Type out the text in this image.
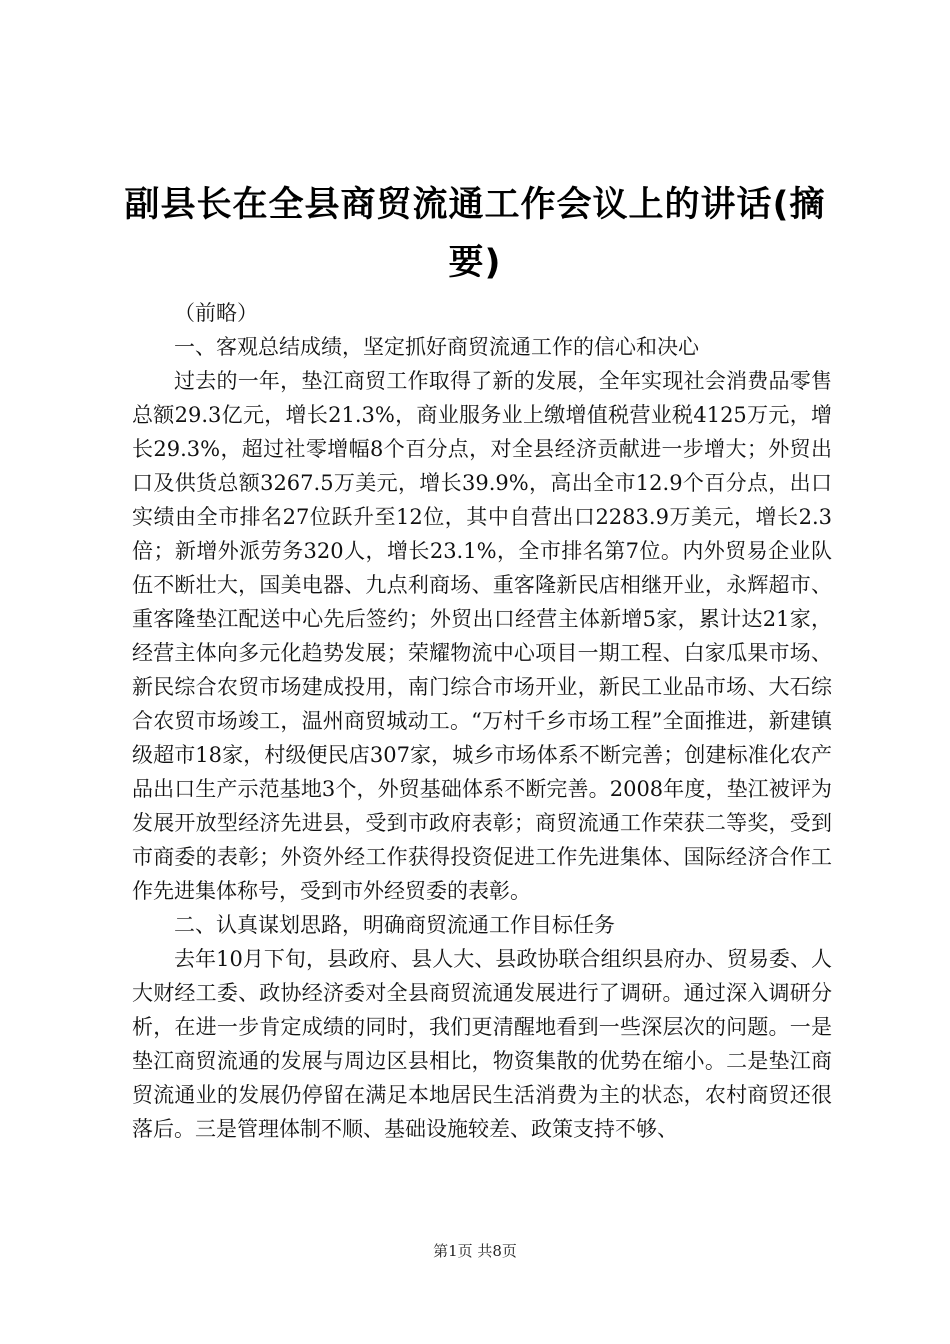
副县长在全县商贸流通工作会议上的讲话(摘要)

（前略）

一、客观总结成绩，坚定抓好商贸流通工作的信心和决心

过去的一年，垫江商贸工作取得了新的发展，全年实现社会消费品零售总额29.3亿元，增长21.3%，商业服务业上缴增值税营业税4125万元，增长29.3%，超过社零增幅8个百分点，对全县经济贡献进一步增大；外贸出口及供货总额3267.5万美元，增长39.9%，高出全市12.9个百分点，出口实绩由全市排名27位跃升至12位，其中自营出口2283.9万美元，增长2.3倍；新增外派劳务320人，增长23.1%，全市排名第7位。内外贸易企业队伍不断壮大，国美电器、九点利商场、重客隆新民店相继开业，永辉超市、重客隆垫江配送中心先后签约；外贸出口经营主体新增5家，累计达21家，经营主体向多元化趋势发展；荣耀物流中心项目一期工程、白家瓜果市场、新民综合农贸市场建成投用，南门综合市场开业，新民工业品市场、大石综合农贸市场竣工，温州商贸城动工。“万村千乡市场工程”全面推进，新建镇级超市18家，村级便民店307家，城乡市场体系不断完善；创建标准化农产品出口生产示范基地3个，外贸基础体系不断完善。2008年度，垫江被评为发展开放型经济先进县，受到市政府表彰；商贸流通工作荣获二等奖，受到市商委的表彰；外资外经工作获得投资促进工作先进集体、国际经济合作工作先进集体称号，受到市外经贸委的表彰。

二、认真谋划思路，明确商贸流通工作目标任务

去年10月下旬，县政府、县人大、县政协联合组织县府办、贸易委、人大财经工委、政协经济委对全县商贸流通发展进行了调研。通过深入调研分析，在进一步肯定成绩的同时，我们更清醒地看到一些深层次的问题。一是垫江商贸流通的发展与周边区县相比，物资集散的优势在缩小。二是垫江商贸流通业的发展仍停留在满足本地居民生活消费为主的状态，农村商贸还很落后。三是管理体制不顺、基础设施较差、政策支持不够、

第1页 共8页
